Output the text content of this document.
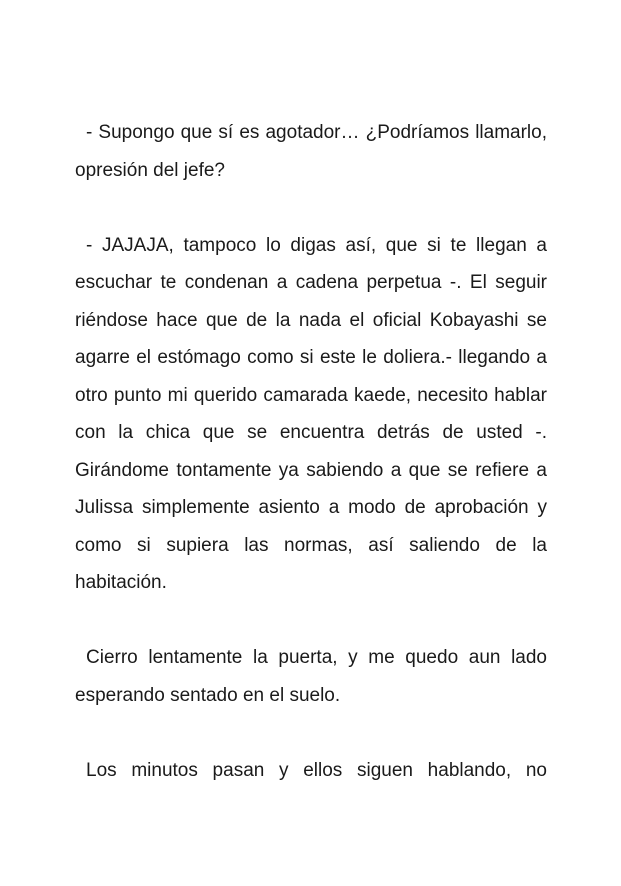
- Supongo que sí es agotador… ¿Podríamos llamarlo, opresión del jefe?

- JAJAJA, tampoco lo digas así, que si te llegan a escuchar te condenan a cadena perpetua -. El seguir riéndose hace que de la nada el oficial Kobayashi se agarre el estómago como si este le doliera.- llegando a otro punto mi querido camarada kaede, necesito hablar con la chica que se encuentra detrás de usted -. Girándome tontamente ya sabiendo a que se refiere a Julissa simplemente asiento a modo de aprobación y como si supiera las normas, así saliendo de la habitación.

Cierro lentamente la puerta, y me quedo aun lado esperando sentado en el suelo.

Los minutos pasan y ellos siguen hablando, no
